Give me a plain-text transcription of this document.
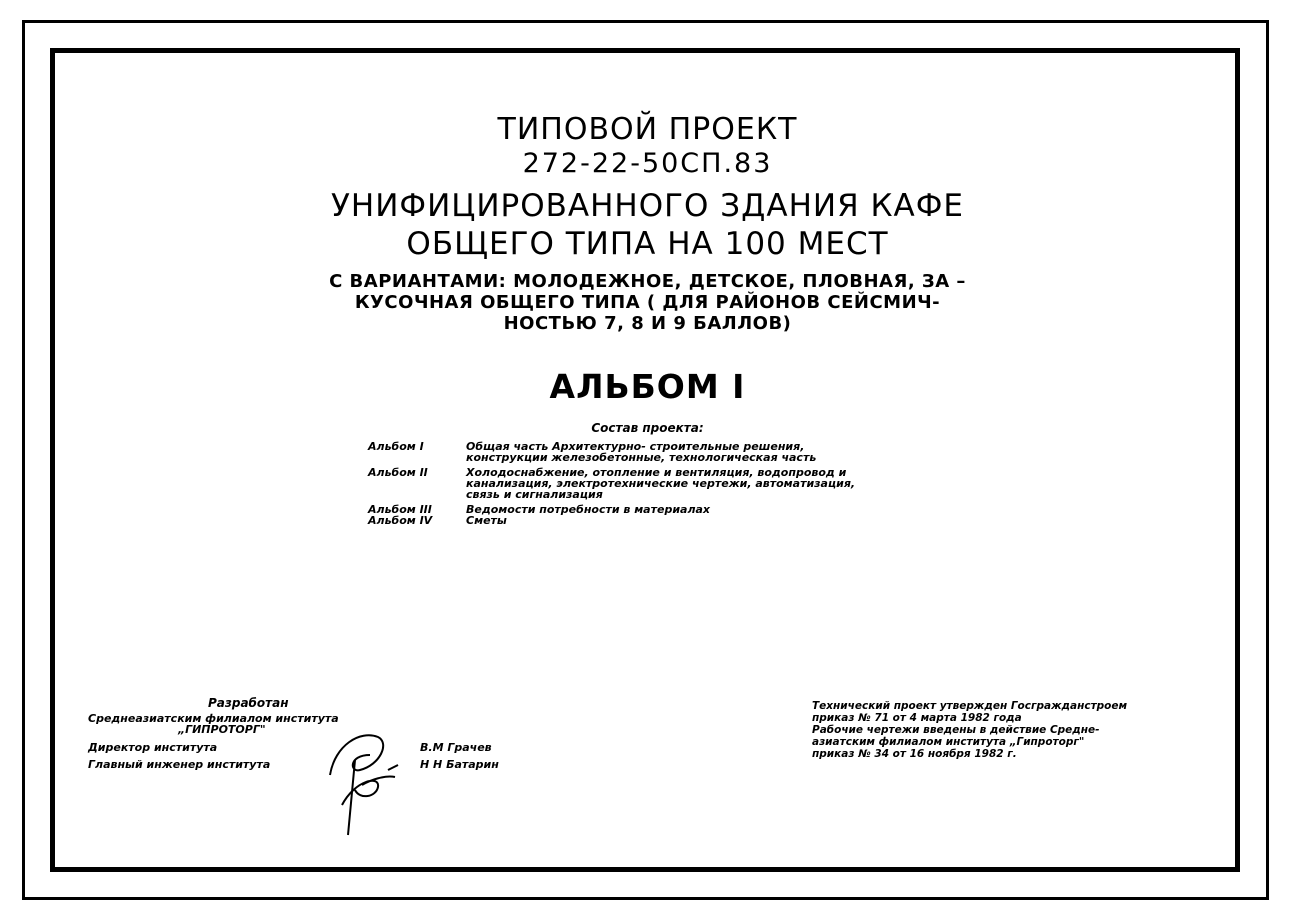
ТИПОВОЙ ПРОЕКТ
272-22-50СП.83
УНИФИЦИРОВАННОГО ЗДАНИЯ КАФЕ
ОБЩЕГО ТИПА НА 100 МЕСТ
С ВАРИАНТАМИ: МОЛОДЕЖНОЕ, ДЕТСКОЕ, ПЛОВНАЯ, ЗА –
КУСОЧНАЯ ОБЩЕГО ТИПА ( ДЛЯ РАЙОНОВ СЕЙСМИЧ-
НОСТЬЮ 7, 8 И 9 БАЛЛОВ)
АЛЬБОМ I
Состав проекта:
Альбом I	Общая часть Архитектурно- строительные решения,
конструкции железобетонные, технологическая часть
Альбом II	Холодоснабжение, отопление и вентиляция, водопровод и
канализация, электротехнические чертежи, автоматизация,
связь и сигнализация
Альбом III	Ведомости потребности в материалах
Альбом IV	Сметы
Разработан
Среднеазиатским филиалом института
„ГИПРОТОРГ"
Директор института	В.М Грачев
Главный инженер института	Н Н Батарин
Технический проект утвержден Госгражданстроем
приказ № 71 от 4 марта 1982 года
Рабочие чертежи введены в действие Средне-
азиатским филиалом института „Гипроторг"
приказ № 34 от 16 ноября 1982 г.
